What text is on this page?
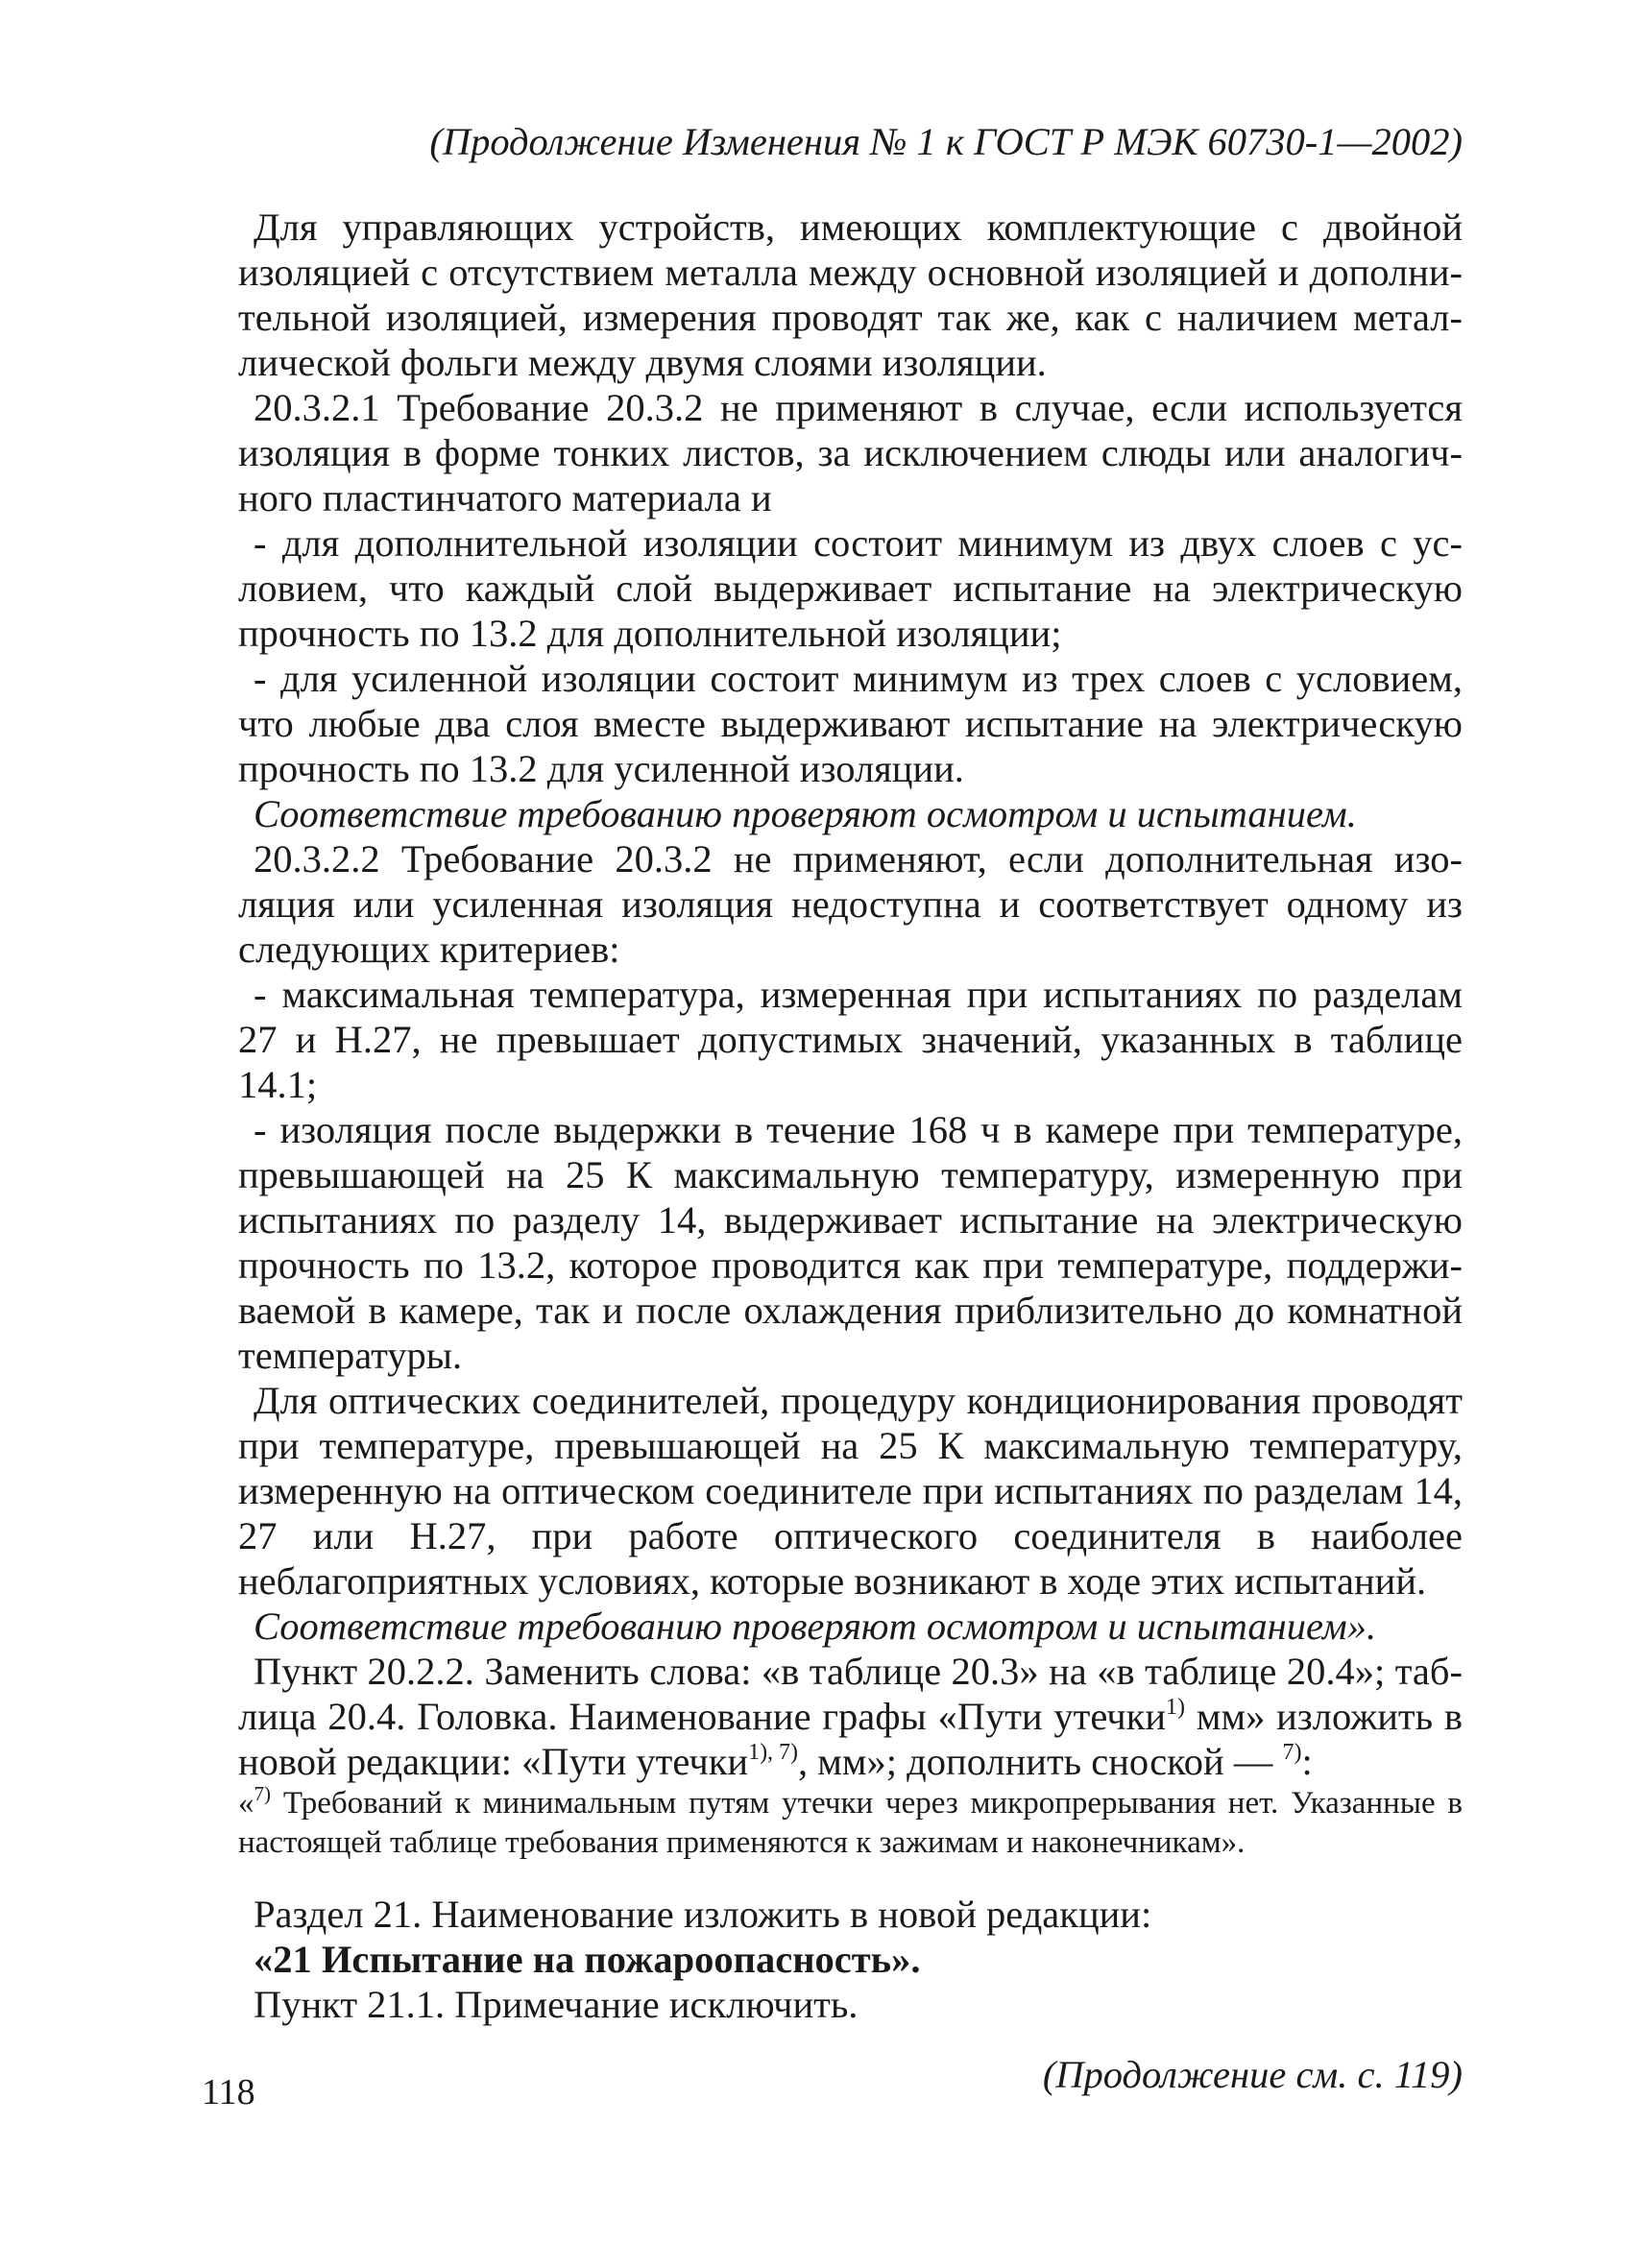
(Продолжение Изменения № 1 к ГОСТ Р МЭК 60730-1—2002)

Для управляющих устройств, имеющих комплектующие с двойной изоляцией с отсутствием металла между основной изоляцией и дополнительной изоляцией, измерения проводят так же, как с наличием металлической фольги между двумя слоями изоляции.

20.3.2.1 Требование 20.3.2 не применяют в случае, если используется изоляция в форме тонких листов, за исключением слюды или аналогичного пластинчатого материала и

- для дополнительной изоляции состоит минимум из двух слоев с условием, что каждый слой выдерживает испытание на электрическую прочность по 13.2 для дополнительной изоляции;

- для усиленной изоляции состоит минимум из трех слоев с условием, что любые два слоя вместе выдерживают испытание на электрическую прочность по 13.2 для усиленной изоляции.

Соответствие требованию проверяют осмотром и испытанием.

20.3.2.2 Требование 20.3.2 не применяют, если дополнительная изоляция или усиленная изоляция недоступна и соответствует одному из следующих критериев:

- максимальная температура, измеренная при испытаниях по разделам 27 и Н.27, не превышает допустимых значений, указанных в таблице 14.1;

- изоляция после выдержки в течение 168 ч в камере при температуре, превышающей на 25 К максимальную температуру, измеренную при испытаниях по разделу 14, выдерживает испытание на электрическую прочность по 13.2, которое проводится как при температуре, поддерживаемой в камере, так и после охлаждения приблизительно до комнатной температуры.

Для оптических соединителей, процедуру кондиционирования проводят при температуре, превышающей на 25 К максимальную температуру, измеренную на оптическом соединителе при испытаниях по разделам 14, 27 или Н.27, при работе оптического соединителя в наиболее неблагоприятных условиях, которые возникают в ходе этих испытаний.

Соответствие требованию проверяют осмотром и испытанием».

Пункт 20.2.2. Заменить слова: «в таблице 20.3» на «в таблице 20.4»; таблица 20.4. Головка. Наименование графы «Пути утечки$^{1)}$ мм» изложить в новой редакции: «Пути утечки$^{1), 7)}$, мм»; дополнить сноской — $^{7)}$:

«$^{7)}$ Требований к минимальным путям утечки через микропрерывания нет. Указанные в настоящей таблице требования применяются к зажимам и наконечникам».

Раздел 21. Наименование изложить в новой редакции:

«21 Испытание на пожароопасность».

Пункт 21.1. Примечание исключить.

(Продолжение см. с. 119)
118
